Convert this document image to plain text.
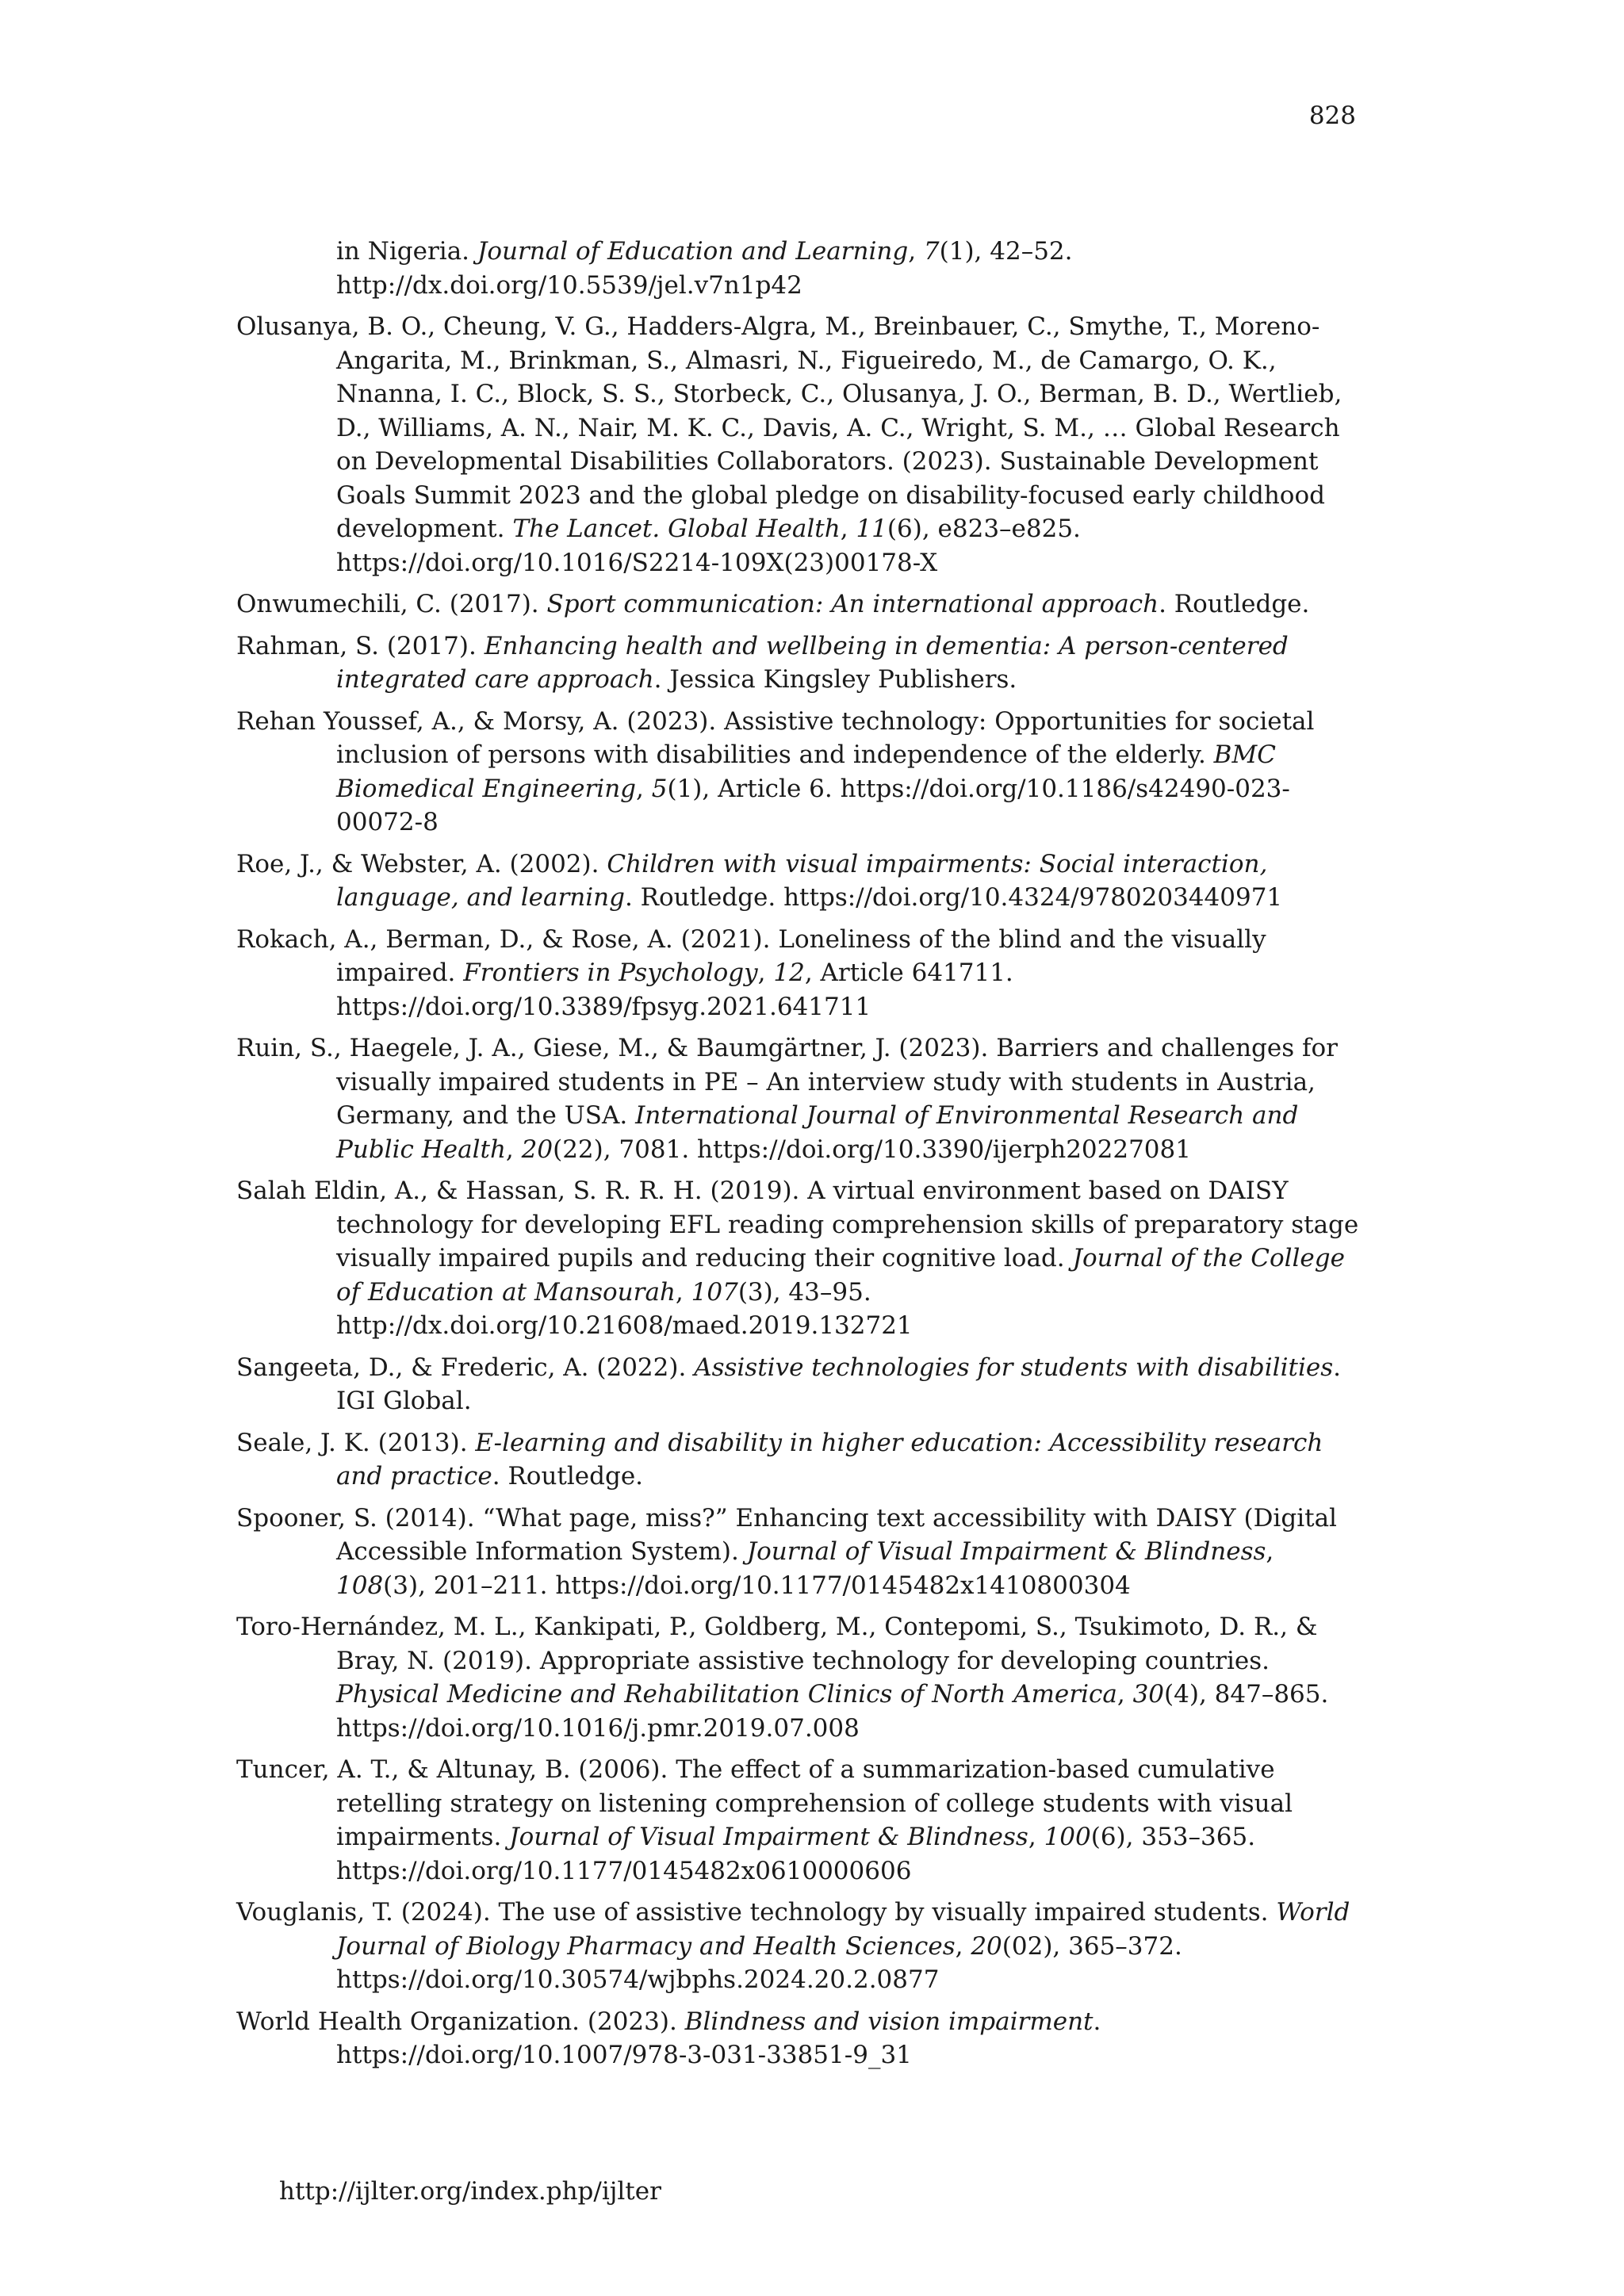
828

in Nigeria. Journal of Education and Learning, 7(1), 42–52. http://dx.doi.org/10.5539/jel.v7n1p42

Olusanya, B. O., Cheung, V. G., Hadders-Algra, M., Breinbauer, C., Smythe, T., Moreno-Angarita, M., Brinkman, S., Almasri, N., Figueiredo, M., de Camargo, O. K., Nnanna, I. C., Block, S. S., Storbeck, C., Olusanya, J. O., Berman, B. D., Wertlieb, D., Williams, A. N., Nair, M. K. C., Davis, A. C., Wright, S. M., … Global Research on Developmental Disabilities Collaborators. (2023). Sustainable Development Goals Summit 2023 and the global pledge on disability-focused early childhood development. The Lancet. Global Health, 11(6), e823–e825. https://doi.org/10.1016/S2214-109X(23)00178-X

Onwumechili, C. (2017). Sport communication: An international approach. Routledge.

Rahman, S. (2017). Enhancing health and wellbeing in dementia: A person-centered integrated care approach. Jessica Kingsley Publishers.

Rehan Youssef, A., & Morsy, A. (2023). Assistive technology: Opportunities for societal inclusion of persons with disabilities and independence of the elderly. BMC Biomedical Engineering, 5(1), Article 6. https://doi.org/10.1186/s42490-023-00072-8

Roe, J., & Webster, A. (2002). Children with visual impairments: Social interaction, language, and learning. Routledge. https://doi.org/10.4324/9780203440971

Rokach, A., Berman, D., & Rose, A. (2021). Loneliness of the blind and the visually impaired. Frontiers in Psychology, 12, Article 641711. https://doi.org/10.3389/fpsyg.2021.641711

Ruin, S., Haegele, J. A., Giese, M., & Baumgärtner, J. (2023). Barriers and challenges for visually impaired students in PE – An interview study with students in Austria, Germany, and the USA. International Journal of Environmental Research and Public Health, 20(22), 7081. https://doi.org/10.3390/ijerph20227081

Salah Eldin, A., & Hassan, S. R. R. H. (2019). A virtual environment based on DAISY technology for developing EFL reading comprehension skills of preparatory stage visually impaired pupils and reducing their cognitive load. Journal of the College of Education at Mansourah, 107(3), 43–95. http://dx.doi.org/10.21608/maed.2019.132721

Sangeeta, D., & Frederic, A. (2022). Assistive technologies for students with disabilities. IGI Global.

Seale, J. K. (2013). E-learning and disability in higher education: Accessibility research and practice. Routledge.

Spooner, S. (2014). “What page, miss?” Enhancing text accessibility with DAISY (Digital Accessible Information System). Journal of Visual Impairment & Blindness, 108(3), 201–211. https://doi.org/10.1177/0145482x1410800304

Toro-Hernández, M. L., Kankipati, P., Goldberg, M., Contepomi, S., Tsukimoto, D. R., & Bray, N. (2019). Appropriate assistive technology for developing countries. Physical Medicine and Rehabilitation Clinics of North America, 30(4), 847–865. https://doi.org/10.1016/j.pmr.2019.07.008

Tuncer, A. T., & Altunay, B. (2006). The effect of a summarization-based cumulative retelling strategy on listening comprehension of college students with visual impairments. Journal of Visual Impairment & Blindness, 100(6), 353–365. https://doi.org/10.1177/0145482x0610000606

Vouglanis, T. (2024). The use of assistive technology by visually impaired students. World Journal of Biology Pharmacy and Health Sciences, 20(02), 365–372. https://doi.org/10.30574/wjbphs.2024.20.2.0877

World Health Organization. (2023). Blindness and vision impairment. https://doi.org/10.1007/978-3-031-33851-9_31

http://ijlter.org/index.php/ijlter
